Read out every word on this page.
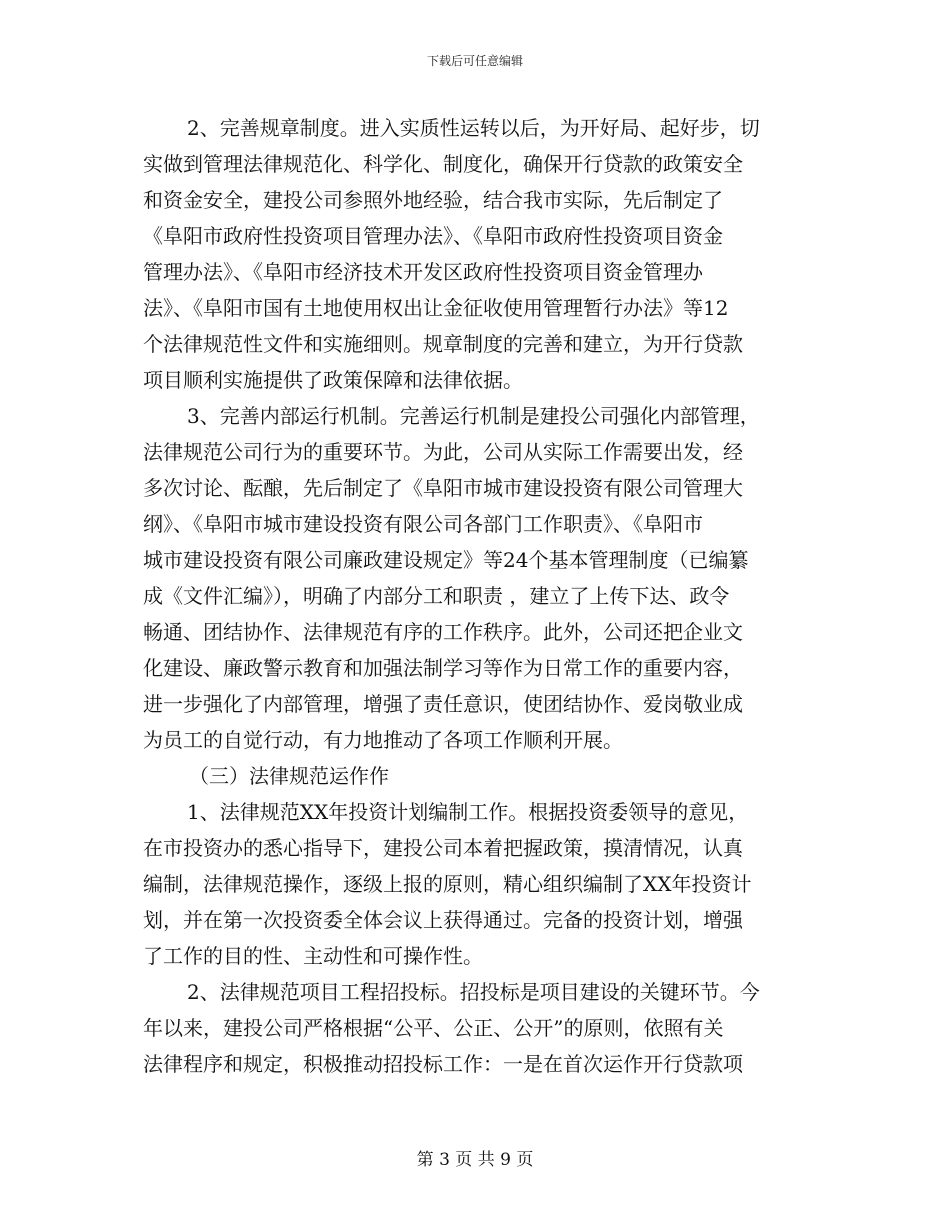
下载后可任意编辑
2、完善规章制度。进入实质性运转以后，为开好局、起好步，切
实做到管理法律规范化、科学化、制度化，确保开行贷款的政策安全
和资金安全，建投公司参照外地经验，结合我市实际，先后制定了
《阜阳市政府性投资项目管理办法》、《阜阳市政府性投资项目资金
管理办法》、《阜阳市经济技术开发区政府性投资项目资金管理办
法》、《阜阳市国有土地使用权出让金征收使用管理暂行办法》等12
个法律规范性文件和实施细则。规章制度的完善和建立，为开行贷款
项目顺利实施提供了政策保障和法律依据。
3、完善内部运行机制。完善运行机制是建投公司强化内部管理，
法律规范公司行为的重要环节。为此，公司从实际工作需要出发，经
多次讨论、酝酿，先后制定了《阜阳市城市建设投资有限公司管理大
纲》、《阜阳市城市建设投资有限公司各部门工作职责》、《阜阳市
城市建设投资有限公司廉政建设规定》等24个基本管理制度（已编纂
成《文件汇编》），明确了内部分工和职责 ，建立了上传下达、政令
畅通、团结协作、法律规范有序的工作秩序。此外，公司还把企业文
化建设、廉政警示教育和加强法制学习等作为日常工作的重要内容，
进一步强化了内部管理，增强了责任意识，使团结协作、爱岗敬业成
为员工的自觉行动，有力地推动了各项工作顺利开展。
（三）法律规范运作作
1、法律规范XX年投资计划编制工作。根据投资委领导的意见，
在市投资办的悉心指导下，建投公司本着把握政策，摸清情况，认真
编制，法律规范操作，逐级上报的原则，精心组织编制了XX年投资计
划，并在第一次投资委全体会议上获得通过。完备的投资计划，增强
了工作的目的性、主动性和可操作性。
2、法律规范项目工程招投标。招投标是项目建设的关键环节。今
年以来，建投公司严格根据“公平、公正、公开”的原则，依照有关
法律程序和规定，积极推动招投标工作：一是在首次运作开行贷款项
第 3 页 共 9 页
